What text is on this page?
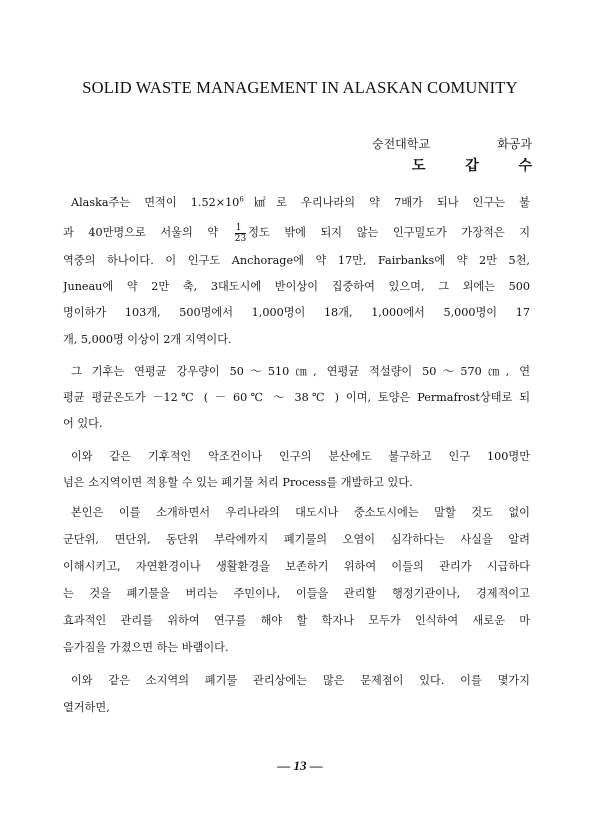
SOLID WASTE MANAGEMENT IN ALASKAN COMUNITY
숭전대학교 화공과
도 갑 수
Alaska주는 면적이 $1.52\times 10^6㎢$로 우리나라의 약 7배가 되나 인구는 불
과 40만명으로 서울의 약 $\frac{1}{23}$ 정도 밖에 되지 않는 인구밀도가 가장적은 지
역중의 하나이다. 이 인구도 Anchorage에 약 17만, Fairbanks에 약 2만 5천,
Juneau에 약 2만 축, 3대도시에 반이상이 집중하여 있으며, 그 외에는 500
명이하가 103개, 500명에서 1,000명이 18개, 1,000에서 5,000명이 17
개, 5,000명 이상이 2개 지역이다.
그 기후는 연평균 강우량이 50～510㎝, 연평균 적설량이 50～570㎝, 연
평균 평균온도가 －12℃ ( － 60℃ ～ 38℃ ) 이며, 토양은 Permafrost상태로 되
어 있다.
이와 같은 기후적인 악조건이나 인구의 분산에도 불구하고 인구 100명만
넘은 소지역이면 적용할 수 있는 폐기물 처리 Process를 개발하고 있다.
본인은 이를 소개하면서 우리나라의 대도시나 중소도시에는 말할 것도 없이
군단위, 면단위, 동단위 부락에까지 폐기물의 오염이 심각하다는 사실을 알려
이해시키고, 자연환경이나 생활환경을 보존하기 위하여 이들의 관리가 시급하다
는 것을 폐기물을 버리는 주민이나, 이들을 관리할 행정기관이나, 경제적이고
효과적인 관리를 위하여 연구를 해야 할 학자나 모두가 인식하여 새로운 마
음가짐을 가졌으면 하는 바램이다.
이와 같은 소지역의 폐기물 관리상에는 많은 문제점이 있다. 이를 몇가지
열거하면,
— 13 —
